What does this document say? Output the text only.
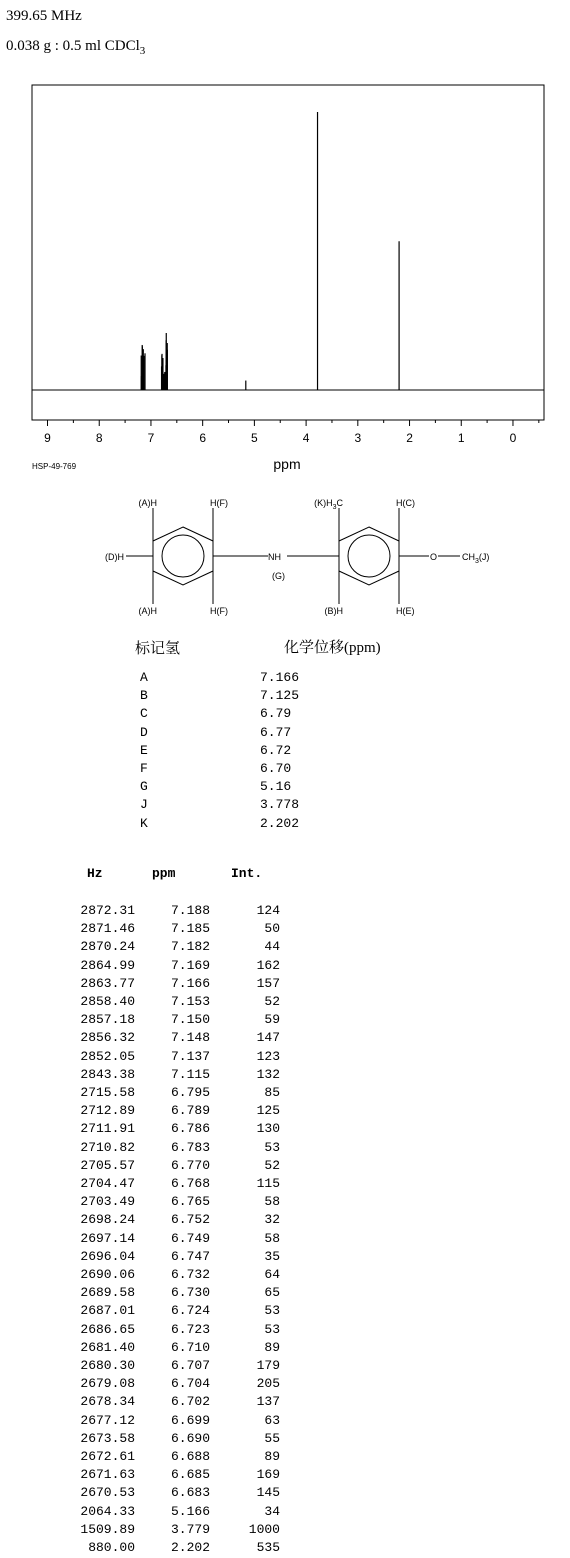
399.65 MHz
0.038 g : 0.5 ml CDCl$_3$
9	8	7	6	5	4	3	2	1	0
HSP-49-769	ppm
(A)H	H(F)
(D)H
(A)H	H(F)
NH
(G)
$(K)H_3C$	H(C)
(B)H	H(E)
O	$CH_3(J)$
标记氢	化学位移(ppm)
A	7.166
B	7.125
C	6.79
D	6.77
E	6.72
F	6.70
G	5.16
J	3.778
K	2.202
Hz	ppm	Int.
2872.31	7.188	124
2871.46	7.185	50
2870.24	7.182	44
2864.99	7.169	162
2863.77	7.166	157
2858.40	7.153	52
2857.18	7.150	59
2856.32	7.148	147
2852.05	7.137	123
2843.38	7.115	132
2715.58	6.795	85
2712.89	6.789	125
2711.91	6.786	130
2710.82	6.783	53
2705.57	6.770	52
2704.47	6.768	115
2703.49	6.765	58
2698.24	6.752	32
2697.14	6.749	58
2696.04	6.747	35
2690.06	6.732	64
2689.58	6.730	65
2687.01	6.724	53
2686.65	6.723	53
2681.40	6.710	89
2680.30	6.707	179
2679.08	6.704	205
2678.34	6.702	137
2677.12	6.699	63
2673.58	6.690	55
2672.61	6.688	89
2671.63	6.685	169
2670.53	6.683	145
2064.33	5.166	34
1509.89	3.779	1000
880.00	2.202	535
